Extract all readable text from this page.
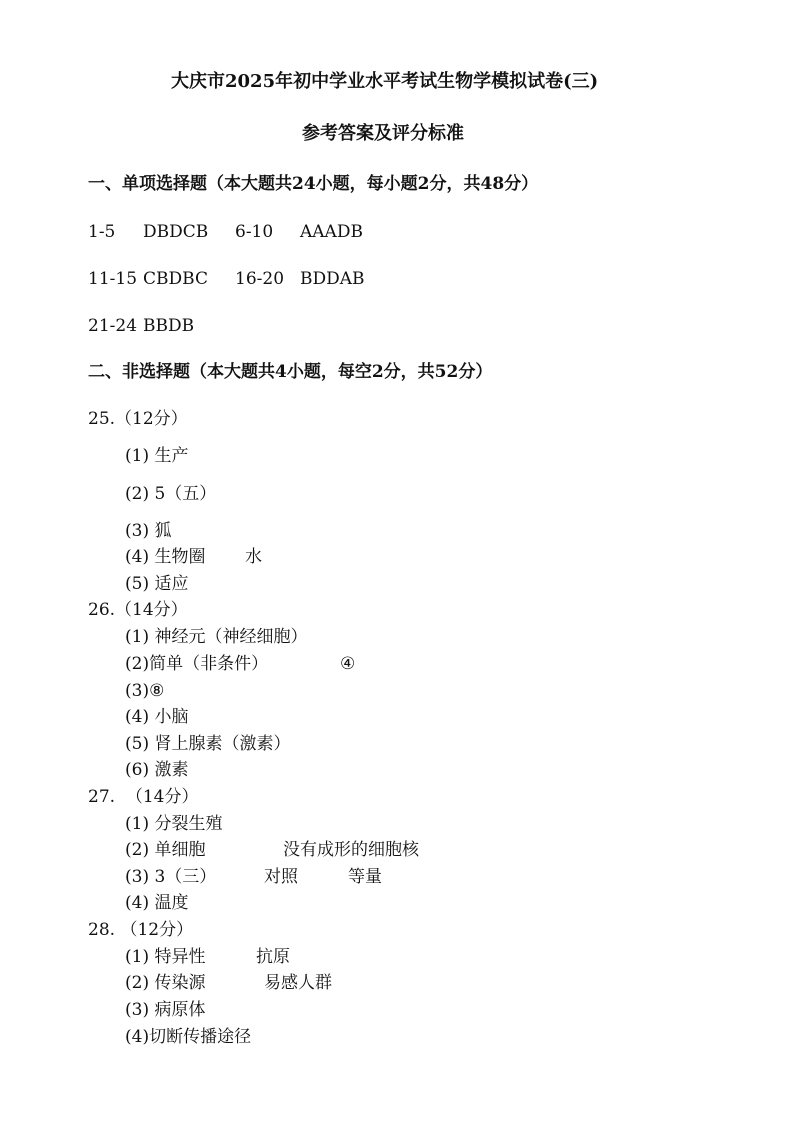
大庆市2025年初中学业水平考试生物学模拟试卷(三)
参考答案及评分标准
一、单项选择题（本大题共24小题，每小题2分，共48分）
1-5 DBDCB 6-10 AAADB
11-15 CBDBC 16-20 BDDAB
21-24 BBDB
二、非选择题（本大题共4小题，每空2分，共52分）
25.（12分）
(1) 生产
(2) 5（五）
(3) 狐
(4) 生物圈 水
(5) 适应
26.（14分）
(1) 神经元（神经细胞）
(2)简单（非条件）	④
(3)⑧
(4) 小脑
(5) 肾上腺素（激素）
(6) 激素
27.  （14分）
(1) 分裂生殖
(2) 单细胞	没有成形的细胞核
(3) 3（三）	对照	等量
(4) 温度
28. （12分）
(1) 特异性	抗原
(2) 传染源	易感人群
(3) 病原体
(4)切断传播途径
